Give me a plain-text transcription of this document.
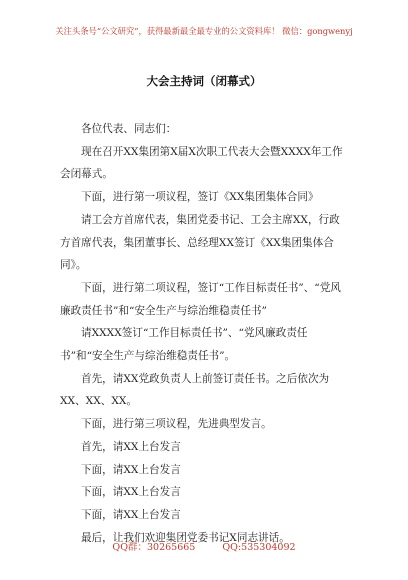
关注头条号“公文研究”，获得最新最全最专业的公文资料库！ 微信：gongwenyj
大会主持词（闭幕式）

各位代表、同志们：

现在召开XX集团第X届X次职工代表大会暨XXXX年工作会闭幕式。

下面，进行第一项议程，签订《XX集团集体合同》

请工会方首席代表，集团党委书记、工会主席XX，行政方首席代表，集团董事长、总经理XX签订《XX集团集体合同》。

下面，进行第二项议程，签订“工作目标责任书”、“党风廉政责任书”和“安全生产与综治维稳责任书”

请XXXX签订“工作目标责任书”、“党风廉政责任书”和“安全生产与综治维稳责任书”。

首先，请XX党政负责人上前签订责任书。之后依次为XX、XX、XX。

下面，进行第三项议程，先进典型发言。

首先，请XX上台发言

下面，请XX上台发言

下面，请XX上台发言

下面，请XX上台发言

最后，让我们欢迎集团党委书记X同志讲话。

QQ群：30265665	QQ:535304092
